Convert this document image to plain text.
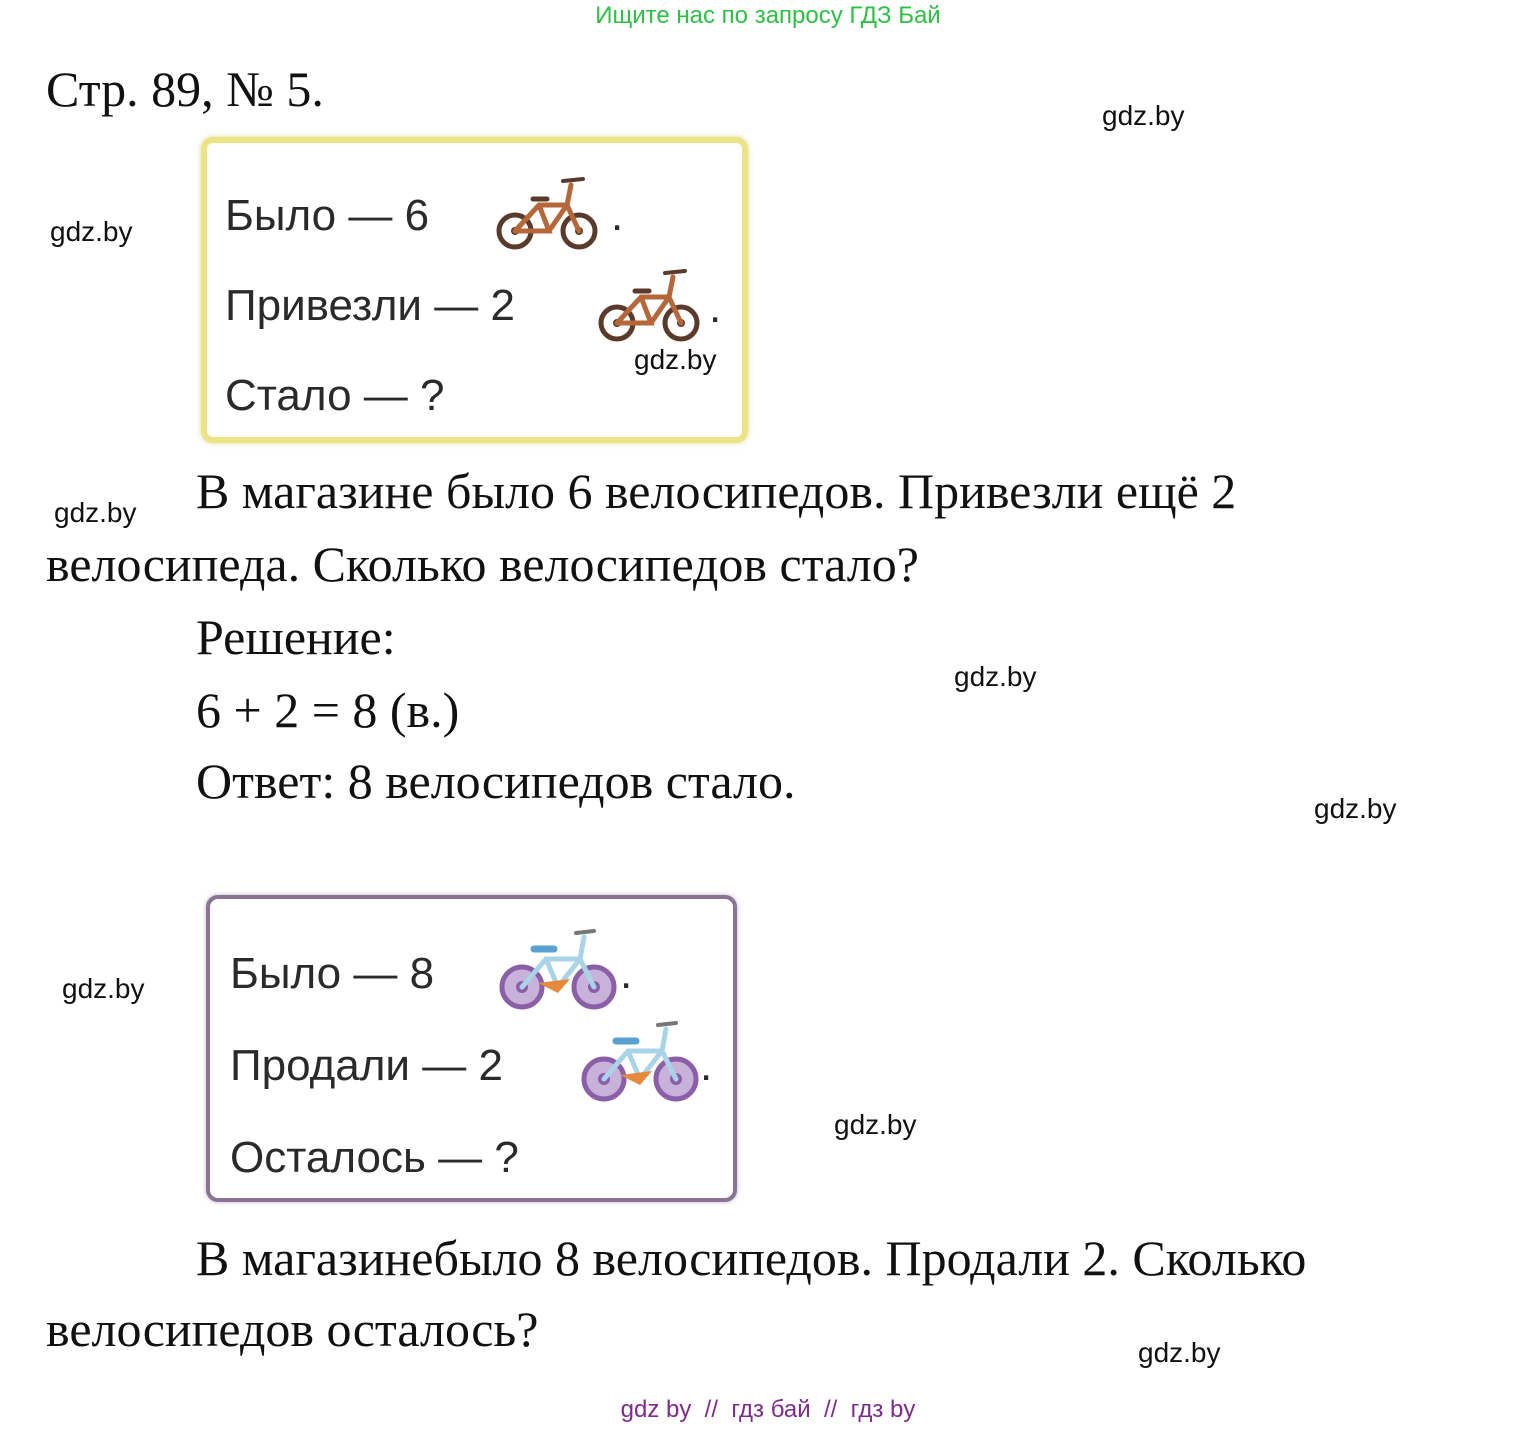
Ищите нас по запросу ГДЗ Бай
Стр. 89, № 5.	gdz.by
gdz.by
gdz.by
gdz.by
gdz.by
gdz.by
gdz.by
gdz.by
Было — 6	.
Привезли — 2	.
Стало — ?
gdz.by
В магазине было 6 велосипедов. Привезли ещё 2
велосипеда. Сколько велосипедов стало?
Решение:
6 + 2 = 8 (в.)
Ответ: 8 велосипедов стало.
Было — 8	.
Продали — 2	.
Осталось — ?
В магазинебыло 8 велосипедов. Продали 2. Сколько
велосипедов осталось?
gdz by  //  гдз бай  //  гдз by
